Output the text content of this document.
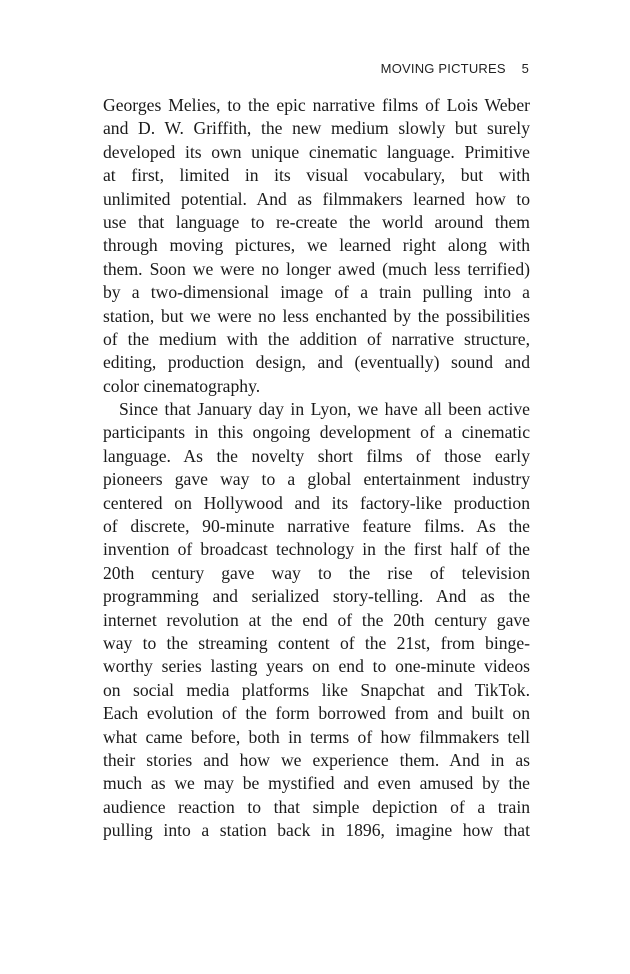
MOVING PICTURES 5
Georges Melies, to the epic narrative films of Lois Weber
and D. W. Griffith, the new medium slowly but surely
developed its own unique cinematic language. Primitive
at first, limited in its visual vocabulary, but with
unlimited potential. And as filmmakers learned how to
use that language to re-create the world around them
through moving pictures, we learned right along with
them. Soon we were no longer awed (much less terrified)
by a two-dimensional image of a train pulling into a
station, but we were no less enchanted by the possibilities
of the medium with the addition of narrative structure,
editing, production design, and (eventually) sound and
color cinematography.
Since that January day in Lyon, we have all been active
participants in this ongoing development of a cinematic
language. As the novelty short films of those early
pioneers gave way to a global entertainment industry
centered on Hollywood and its factory-like production
of discrete, 90-minute narrative feature films. As the
invention of broadcast technology in the first half of the
20th century gave way to the rise of television
programming and serialized story-telling. And as the
internet revolution at the end of the 20th century gave
way to the streaming content of the 21st, from binge-
worthy series lasting years on end to one-minute videos
on social media platforms like Snapchat and TikTok.
Each evolution of the form borrowed from and built on
what came before, both in terms of how filmmakers tell
their stories and how we experience them. And in as
much as we may be mystified and even amused by the
audience reaction to that simple depiction of a train
pulling into a station back in 1896, imagine how that
